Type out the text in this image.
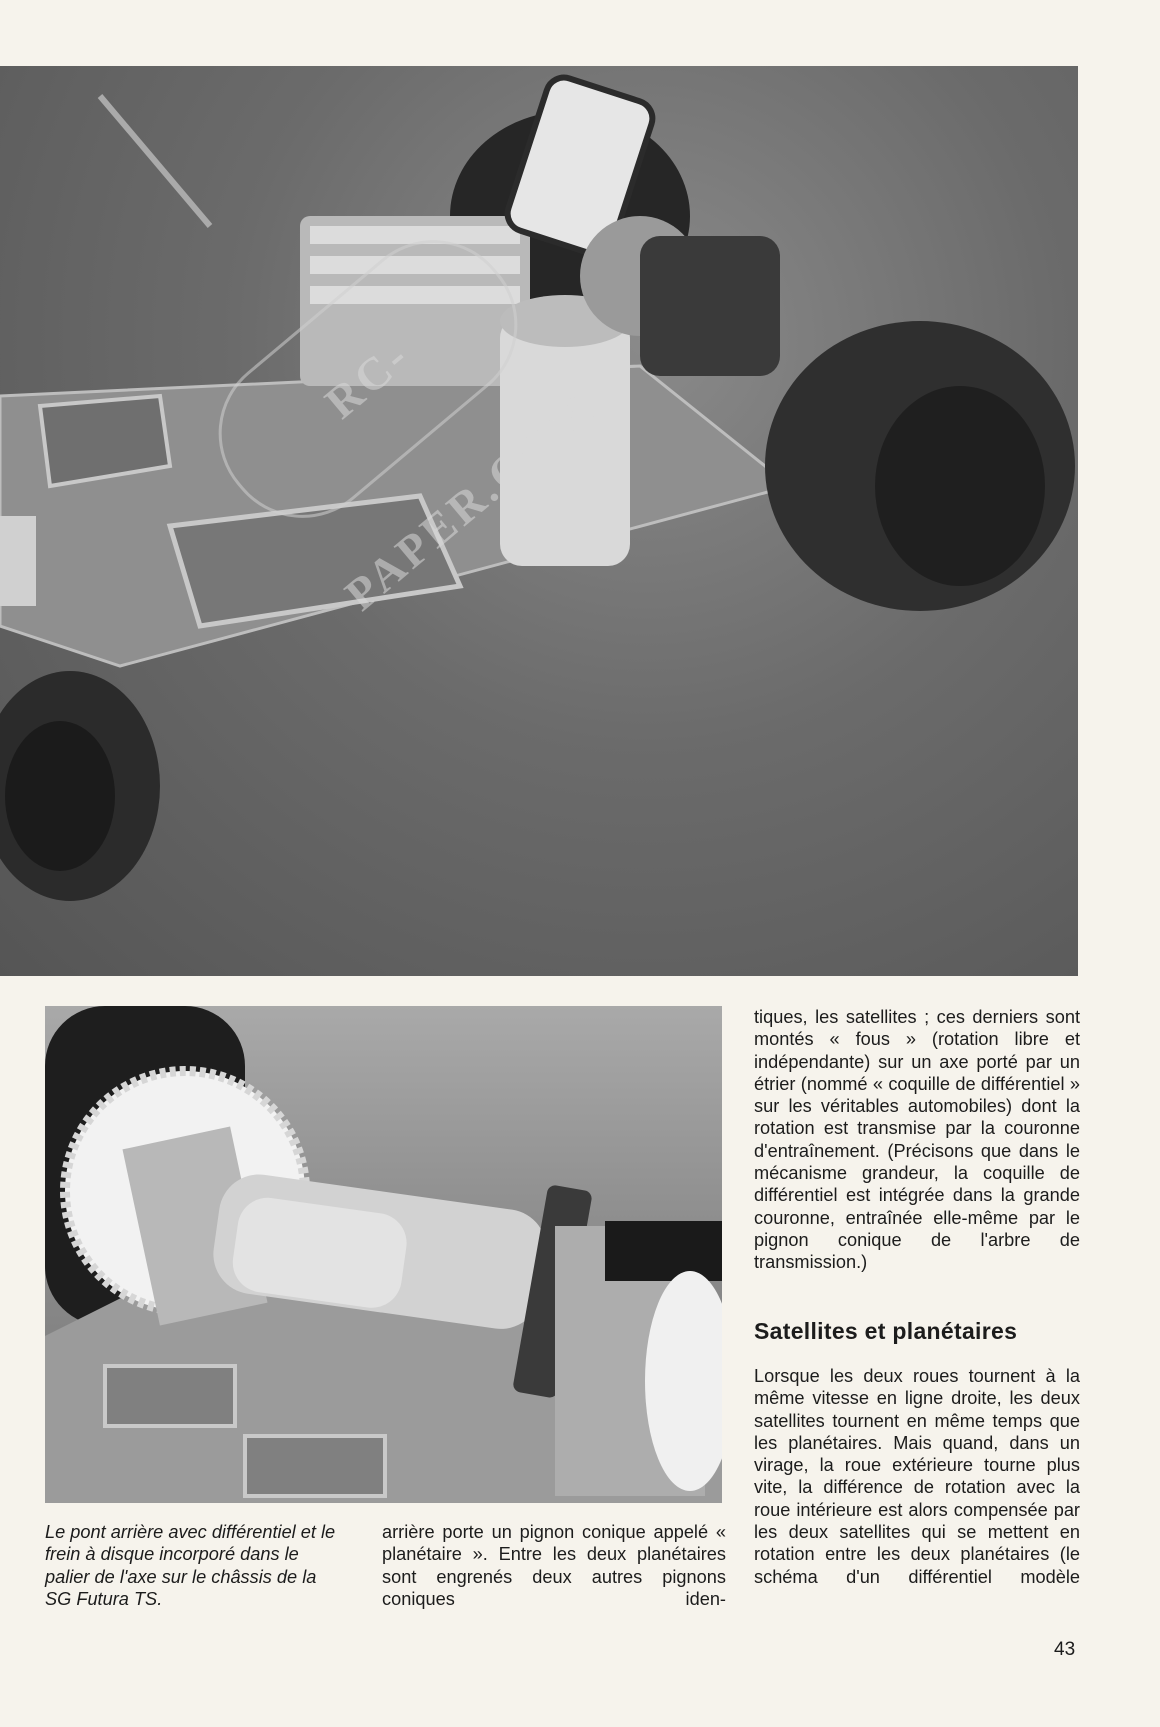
RC-PAPER.COM
Le pont arrière avec différentiel et le frein à disque incorporé dans le palier de l'axe sur le châssis de la SG Futura TS.

arrière porte un pignon conique appelé « planétaire ». Entre les deux planétaires sont engrenés deux autres pignons coniques iden-

tiques, les satellites ; ces derniers sont montés « fous » (rotation libre et indépendante) sur un axe porté par un étrier (nommé « coquille de différentiel » sur les véritables automobiles) dont la rotation est transmise par la couronne d'entraînement. (Précisons que dans le mécanisme grandeur, la coquille de différentiel est intégrée dans la grande couronne, entraînée elle-même par le pignon conique de l'arbre de transmission.)

Satellites et planétaires

Lorsque les deux roues tournent à la même vitesse en ligne droite, les deux satellites tournent en même temps que les planétaires. Mais quand, dans un virage, la roue extérieure tourne plus vite, la différence de rotation avec la roue intérieure est alors compensée par les deux satellites qui se mettent en rotation entre les deux planétaires (le schéma d'un différentiel modèle

43
